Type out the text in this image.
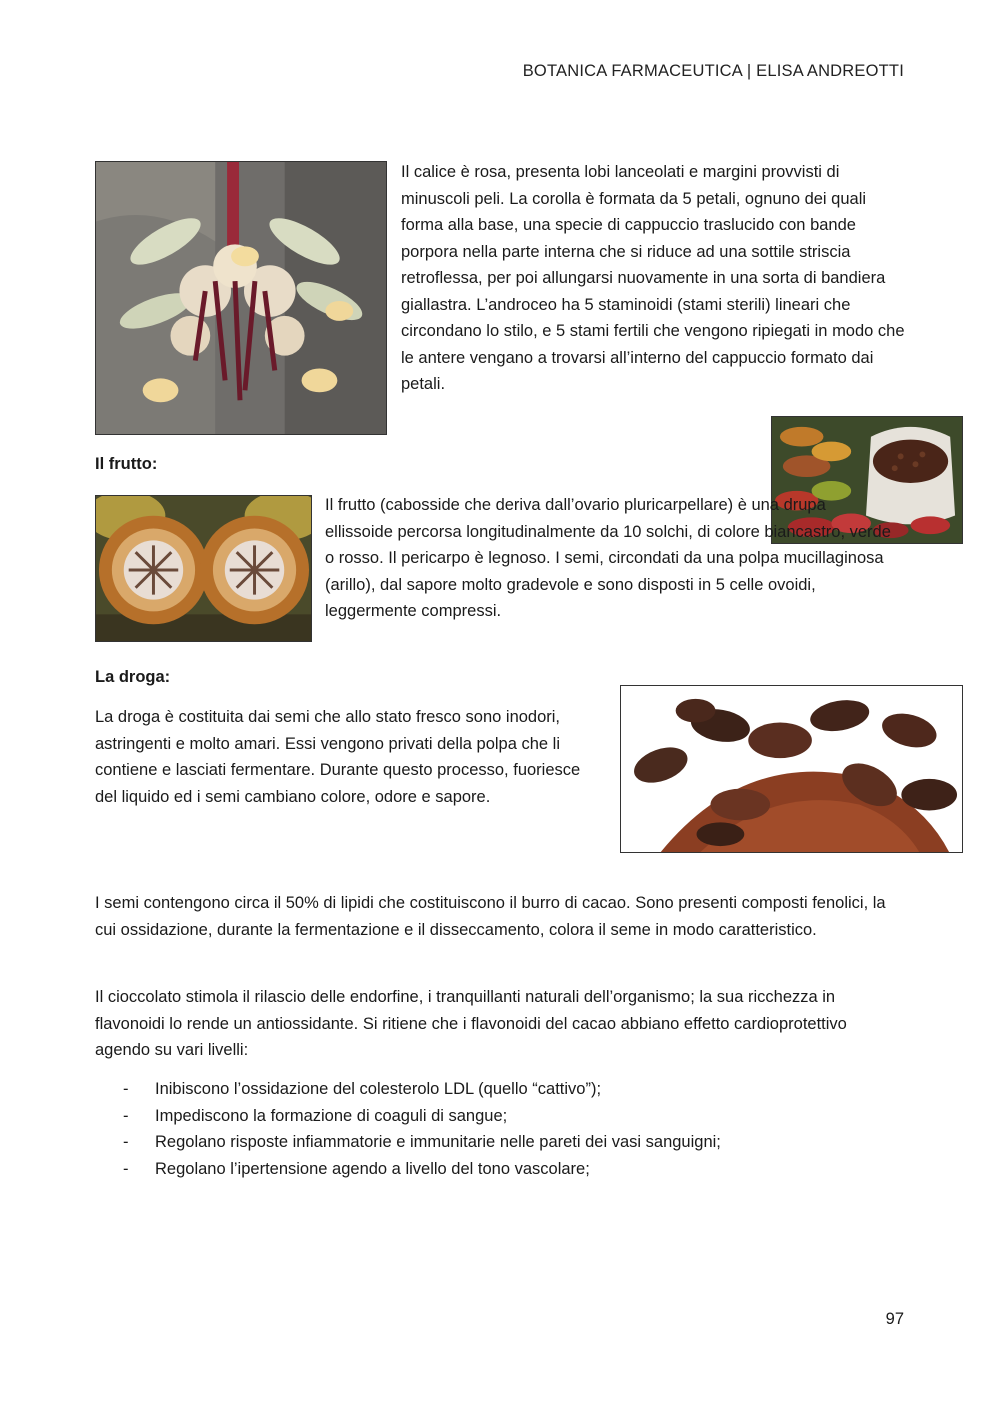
BOTANICA FARMACEUTICA | ELISA ANDREOTTI

Il calice è rosa, presenta lobi lanceolati e margini provvisti di minuscoli peli. La corolla è formata da 5 petali, ognuno dei quali forma alla base, una specie di cappuccio traslucido con bande porpora nella parte interna che si riduce ad una sottile striscia retroflessa, per poi allungarsi nuovamente in una sorta di bandiera giallastra. L’androceo ha 5 staminoidi (stami sterili) lineari che circondano lo stilo, e 5 stami fertili che vengono ripiegati in modo che le antere vengano a trovarsi all’interno del cappuccio formato dai petali.

Il frutto:

Il frutto (cabosside che deriva dall’ovario pluricarpellare) è una drupa ellissoide percorsa longitudinalmente da 10 solchi, di colore biancastro, verde o rosso. Il pericarpo è legnoso. I semi, circondati da una polpa mucillaginosa (arillo), dal sapore molto gradevole e sono disposti in 5 celle ovoidi, leggermente compressi.

La droga:

La droga è costituita dai semi che allo stato fresco sono inodori, astringenti e molto amari. Essi vengono privati della polpa che li contiene e lasciati fermentare. Durante questo processo, fuoriesce del liquido ed i semi cambiano colore, odore e sapore.

I semi contengono circa il 50% di lipidi che costituiscono il burro di cacao. Sono presenti composti fenolici, la cui ossidazione, durante la fermentazione e il disseccamento, colora il seme in modo caratteristico.

Il cioccolato stimola il rilascio delle endorfine, i tranquillanti naturali dell’organismo; la sua ricchezza in flavonoidi lo rende un antiossidante. Si ritiene che i flavonoidi del cacao abbiano effetto cardioprotettivo agendo su vari livelli:

- Inibiscono l’ossidazione del colesterolo LDL (quello “cattivo”);
- Impediscono la formazione di coaguli di sangue;
- Regolano risposte infiammatorie e immunitarie nelle pareti dei vasi sanguigni;
- Regolano l’ipertensione agendo a livello del tono vascolare;
97
